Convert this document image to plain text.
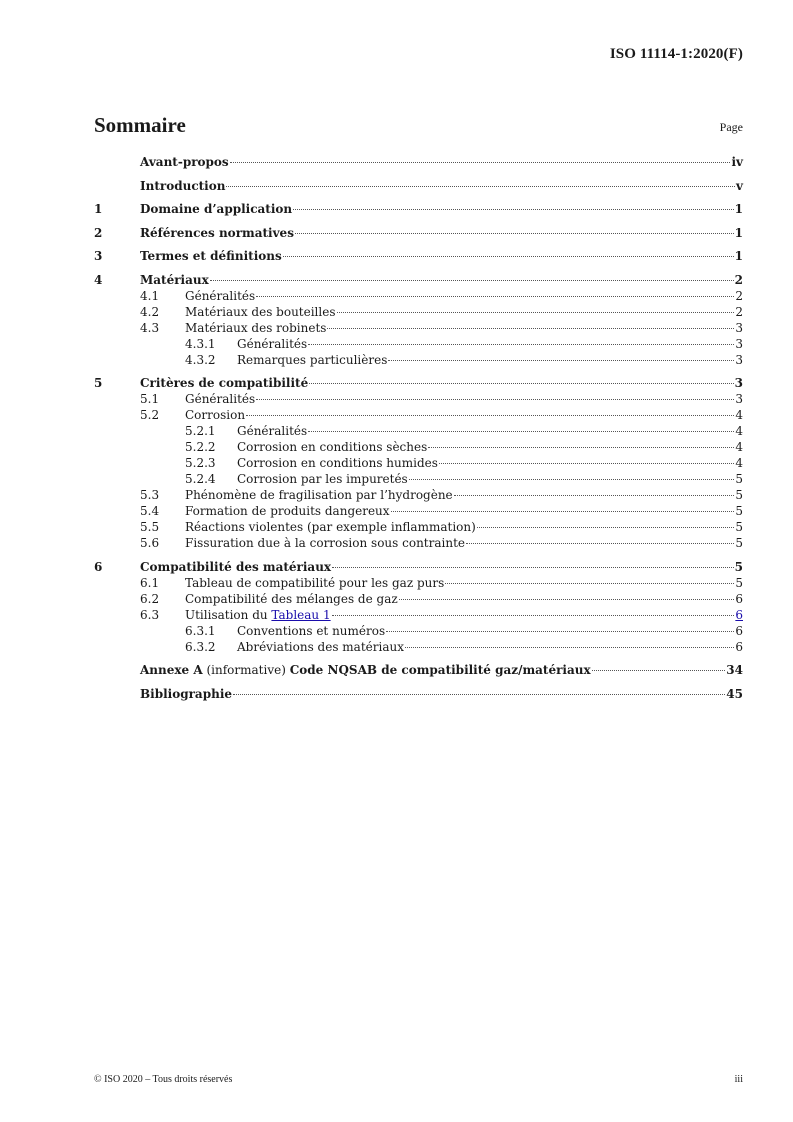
ISO 11114-1:2020(F)
Sommaire	Page
Avant-propos	iv
Introduction	v
1	Domaine d’application	1
2	Références normatives	1
3	Termes et définitions	1
4	Matériaux	2
4.1	Généralités	2
4.2	Matériaux des bouteilles	2
4.3	Matériaux des robinets	3
4.3.1	Généralités	3
4.3.2	Remarques particulières	3
5	Critères de compatibilité	3
5.1	Généralités	3
5.2	Corrosion	4
5.2.1	Généralités	4
5.2.2	Corrosion en conditions sèches	4
5.2.3	Corrosion en conditions humides	4
5.2.4	Corrosion par les impuretés	5
5.3	Phénomène de fragilisation par l’hydrogène	5
5.4	Formation de produits dangereux	5
5.5	Réactions violentes (par exemple inflammation)	5
5.6	Fissuration due à la corrosion sous contrainte	5
6	Compatibilité des matériaux	5
6.1	Tableau de compatibilité pour les gaz purs	5
6.2	Compatibilité des mélanges de gaz	6
6.3	Utilisation du Tableau 1	6
6.3.1	Conventions et numéros	6
6.3.2	Abréviations des matériaux	6
Annexe A (informative) Code NQSAB de compatibilité gaz/matériaux	34
Bibliographie	45
© ISO 2020 – Tous droits réservés	iii
